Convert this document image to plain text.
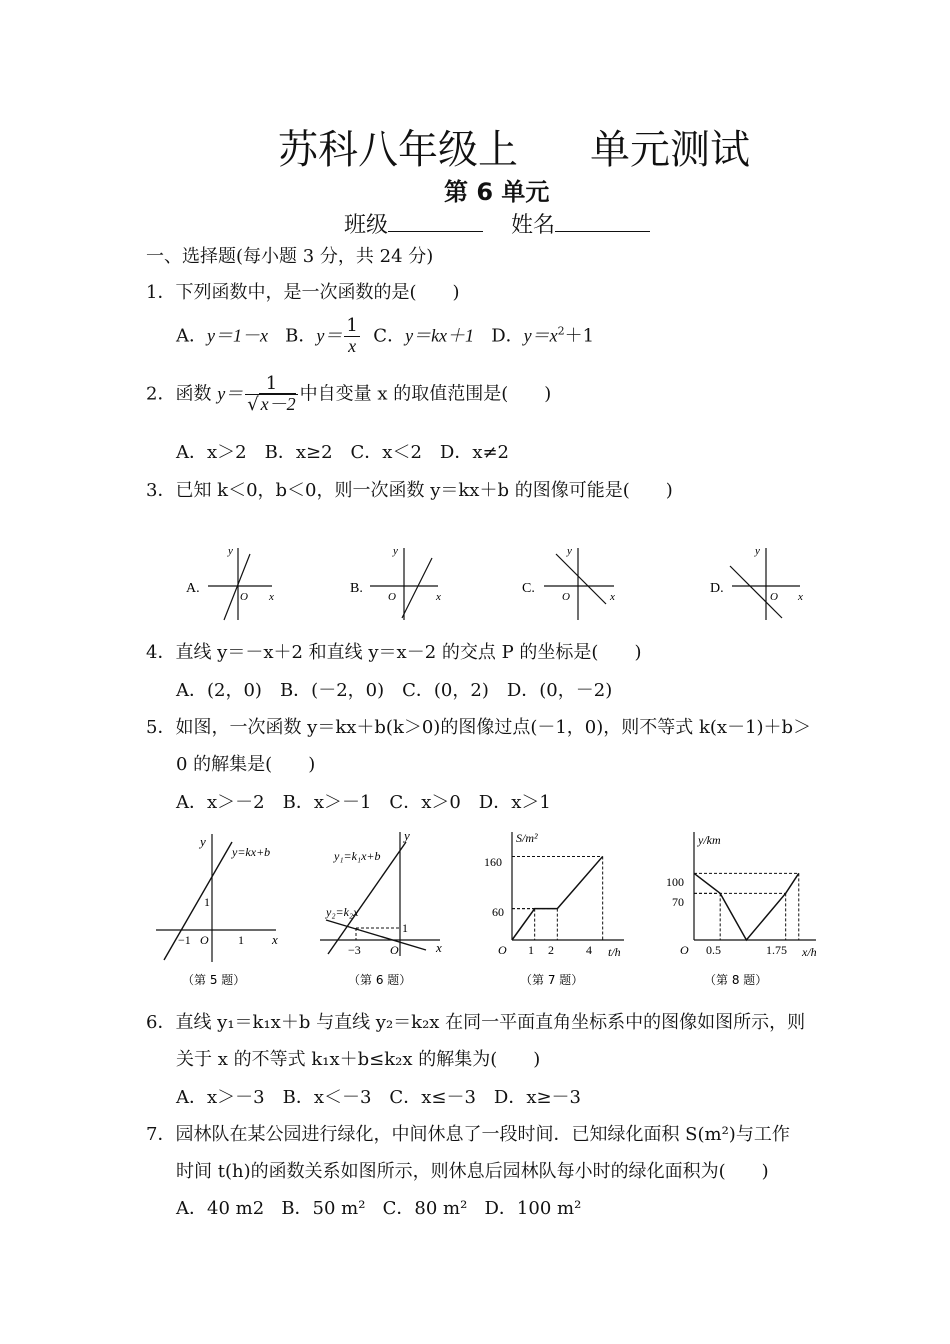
苏科八年级上 单元测试
第 6 单元
班级	姓名
一、选择题(每小题 3 分，共 24 分)
1．下列函数中，是一次函数的是(　　)
A．y＝1－x B．$y= \frac{1}{x}$ C．y＝kx＋1 D．$y=x^2+1$
2．函数 $y= \frac{1}{√ x-2}$ 中自变量 x 的取值范围是(　　)
A．x＞2　B．x≥2　C．x＜2　D．x≠2
3．已知 k＜0，b＜0，则一次函数 y＝kx＋b 的图像可能是(　　)
A.
x
y
O
B.
x
y
O
C.
x
y
O
D.
x
y
O
4．直线 y＝－x＋2 和直线 y＝x－2 的交点 P 的坐标是(　　)
A．(2，0)　B．(－2，0)　C．(0，2)　D．(0，－2)
5．如图，一次函数 y＝kx＋b(k＞0)的图像过点(－1，0)，则不等式 k(x－1)＋b＞
0 的解集是(　　)
A．x＞－2　B．x＞－1　C．x＞0　D．x＞1
x
y
y=kx+b
O
−1	1
1
（第 5 题）
x
y
y₁=k₁x+b
y₂=k₂x
−3 O
1
（第 6 题）
S/m²
t/h
O
160
60
1 2	4
（第 7 题）
y/km
x/h
O
100
70
0.5	1.75
（第 8 题）
6．直线 y₁＝k₁x＋b 与直线 y₂＝k₂x 在同一平面直角坐标系中的图像如图所示，则
关于 x 的不等式 k₁x＋b≤k₂x 的解集为(　　)
A．x＞－3　B．x＜－3　C．x≤－3　D．x≥－3
7．园林队在某公园进行绿化，中间休息了一段时间．已知绿化面积 S(m²)与工作
时间 t(h)的函数关系如图所示，则休息后园林队每小时的绿化面积为(　　)
A．40 m2 B．50 m² C．80 m² D．100 m²
